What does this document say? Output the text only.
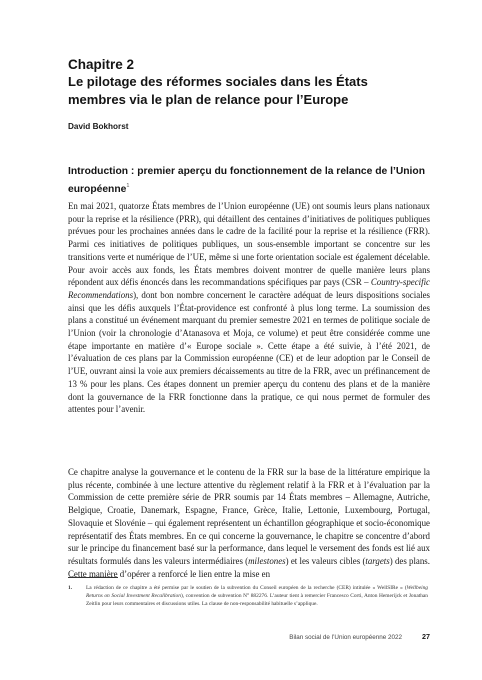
Chapitre 2
Le pilotage des réformes sociales dans les États membres via le plan de relance pour l’Europe
David Bokhorst
Introduction : premier aperçu du fonctionnement de la relance de l’Union européenne$^1$

En mai 2021, quatorze États membres de l’Union européenne (UE) ont soumis leurs plans nationaux pour la reprise et la résilience (PRR), qui détaillent des centaines d’initiatives de politiques publiques prévues pour les prochaines années dans le cadre de la facilité pour la reprise et la résilience (FRR). Parmi ces initiatives de politiques publiques, un sous-ensemble important se concentre sur les transitions verte et numérique de l’UE, même si une forte orientation sociale est également décelable. Pour avoir accès aux fonds, les États membres doivent montrer de quelle manière leurs plans répondent aux défis énoncés dans les recommandations spécifiques par pays (CSR – Country-specific Recommendations), dont bon nombre concernent le caractère adéquat de leurs dispositions sociales ainsi que les défis auxquels l’État-providence est confronté à plus long terme. La soumission des plans a constitué un événement marquant du premier semestre 2021 en termes de politique sociale de l’Union (voir la chronologie d’Atanasova et Moja, ce volume) et peut être considérée comme une étape importante en matière d’« Europe sociale ». Cette étape a été suivie, à l’été 2021, de l’évaluation de ces plans par la Commission européenne (CE) et de leur adoption par le Conseil de l’UE, ouvrant ainsi la voie aux premiers décaissements au titre de la FRR, avec un préfinancement de 13 % pour les plans. Ces étapes donnent un premier aperçu du contenu des plans et de la manière dont la gouvernance de la FRR fonctionne dans la pratique, ce qui nous permet de formuler des attentes pour l’avenir.

Ce chapitre analyse la gouvernance et le contenu de la FRR sur la base de la littérature empirique la plus récente, combinée à une lecture attentive du règlement relatif à la FRR et à l’évaluation par la Commission de cette première série de PRR soumis par 14 États membres – Allemagne, Autriche, Belgique, Croatie, Danemark, Espagne, France, Grèce, Italie, Lettonie, Luxembourg, Portugal, Slovaquie et Slovénie – qui également représentent un échantillon géographique et socio-économique représentatif des États membres. En ce qui concerne la gouvernance, le chapitre se concentre d’abord sur le principe du financement basé sur la performance, dans lequel le versement des fonds est lié aux résultats formulés dans les valeurs intermédiaires (milestones) et les valeurs cibles (targets) des plans. Cette manière d’opérer a renforcé le lien entre la mise en

1.	La rédaction de ce chapitre a été permise par le soutien de la subvention du Conseil européen de la recherche (CER) intitulée « WellSIRe » (Wellbeing Returns on Social Investment Recalibration), convention de subvention N° 882276. L’auteur tient à remercier Francesco Corti, Anton Hemerijck et Jonathan Zeitlin pour leurs commentaires et discussions utiles. La clause de non-responsabilité habituelle s’applique.
Bilan social de l’Union européenne 2022	27
